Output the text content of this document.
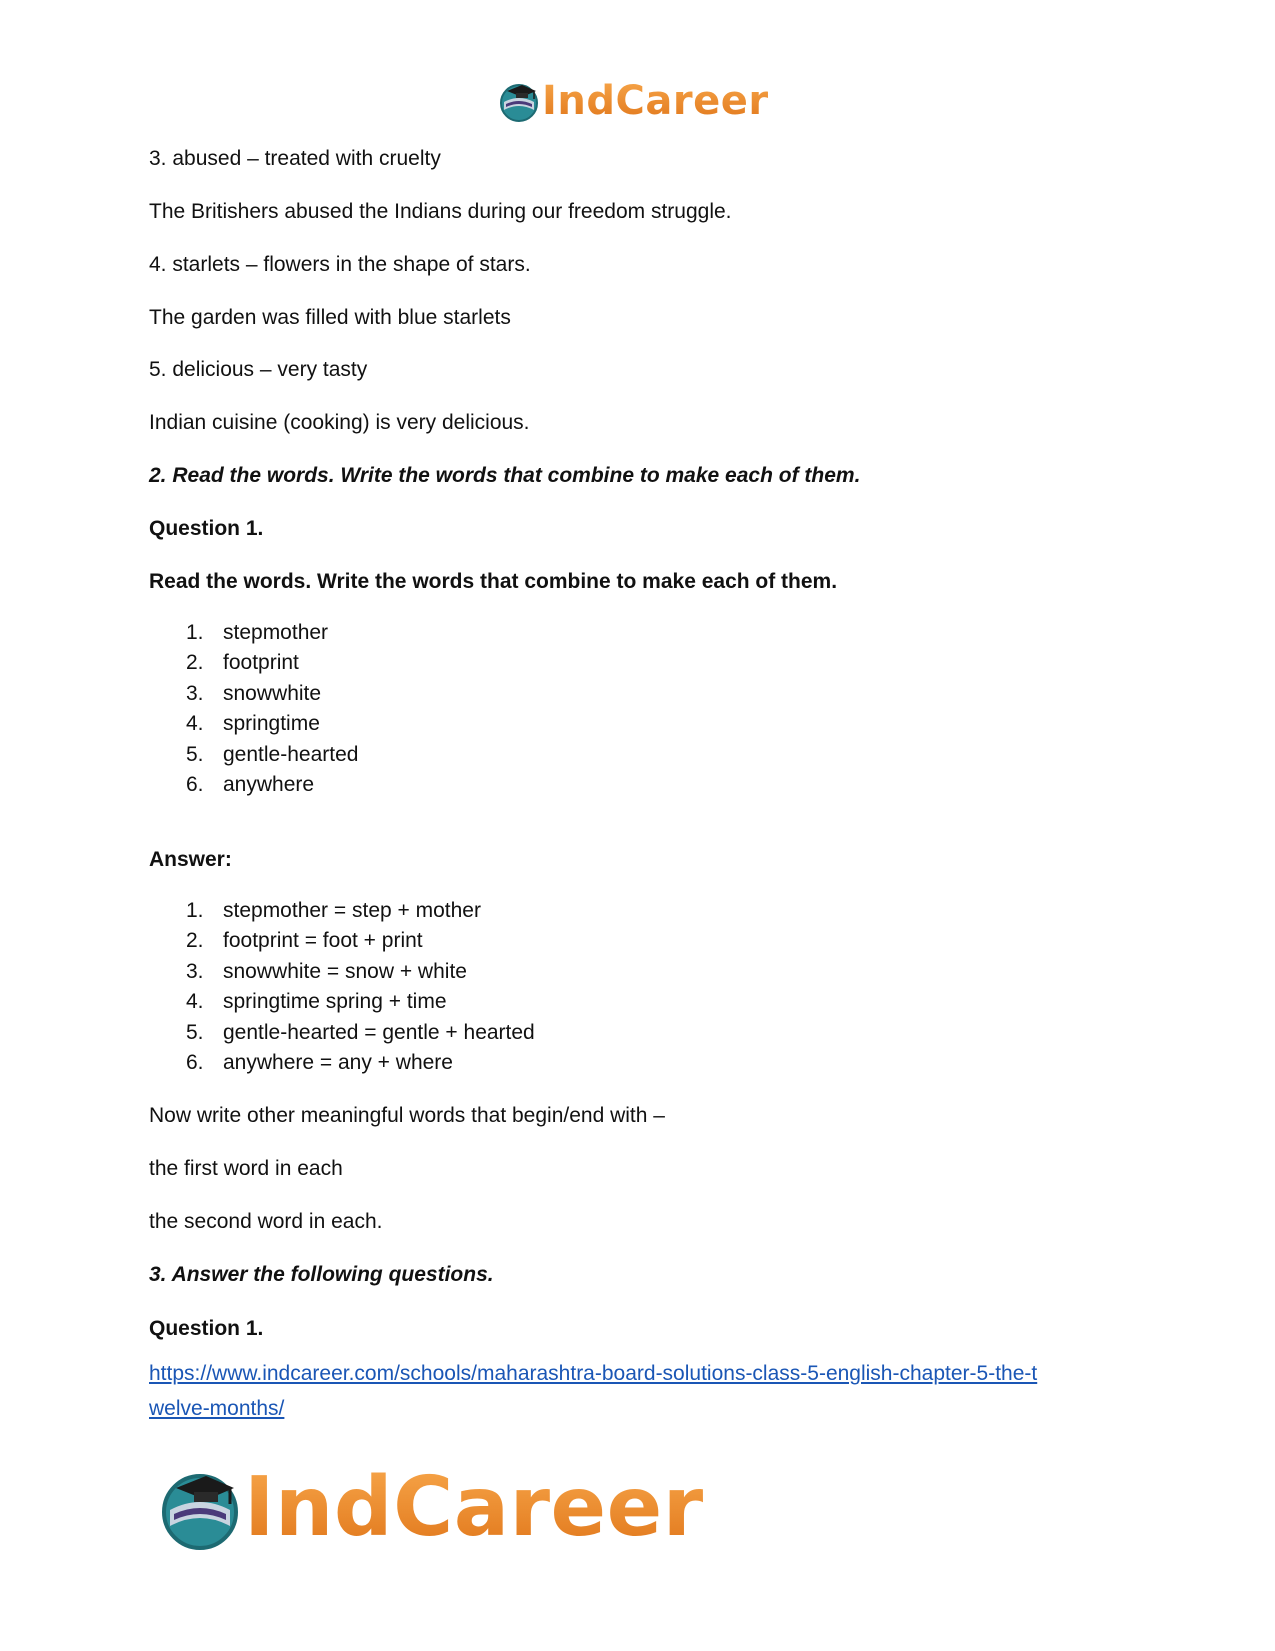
IndCareer
3. abused – treated with cruelty
The Britishers abused the Indians during our freedom struggle.
4. starlets – flowers in the shape of stars.
The garden was filled with blue starlets
5. delicious – very tasty
Indian cuisine (cooking) is very delicious.
2. Read the words. Write the words that combine to make each of them.
Question 1.
Read the words. Write the words that combine to make each of them.
1. stepmother
2. footprint
3. snowwhite
4. springtime
5. gentle-hearted
6. anywhere
Answer:
1. stepmother = step + mother
2. footprint = foot + print
3. snowwhite = snow + white
4. springtime spring + time
5. gentle-hearted = gentle + hearted
6. anywhere = any + where
Now write other meaningful words that begin/end with –
the first word in each
the second word in each.
3. Answer the following questions.
Question 1.
https://www.indcareer.com/schools/maharashtra-board-solutions-class-5-english-chapter-5-the-t
welve-months/
IndCareer
